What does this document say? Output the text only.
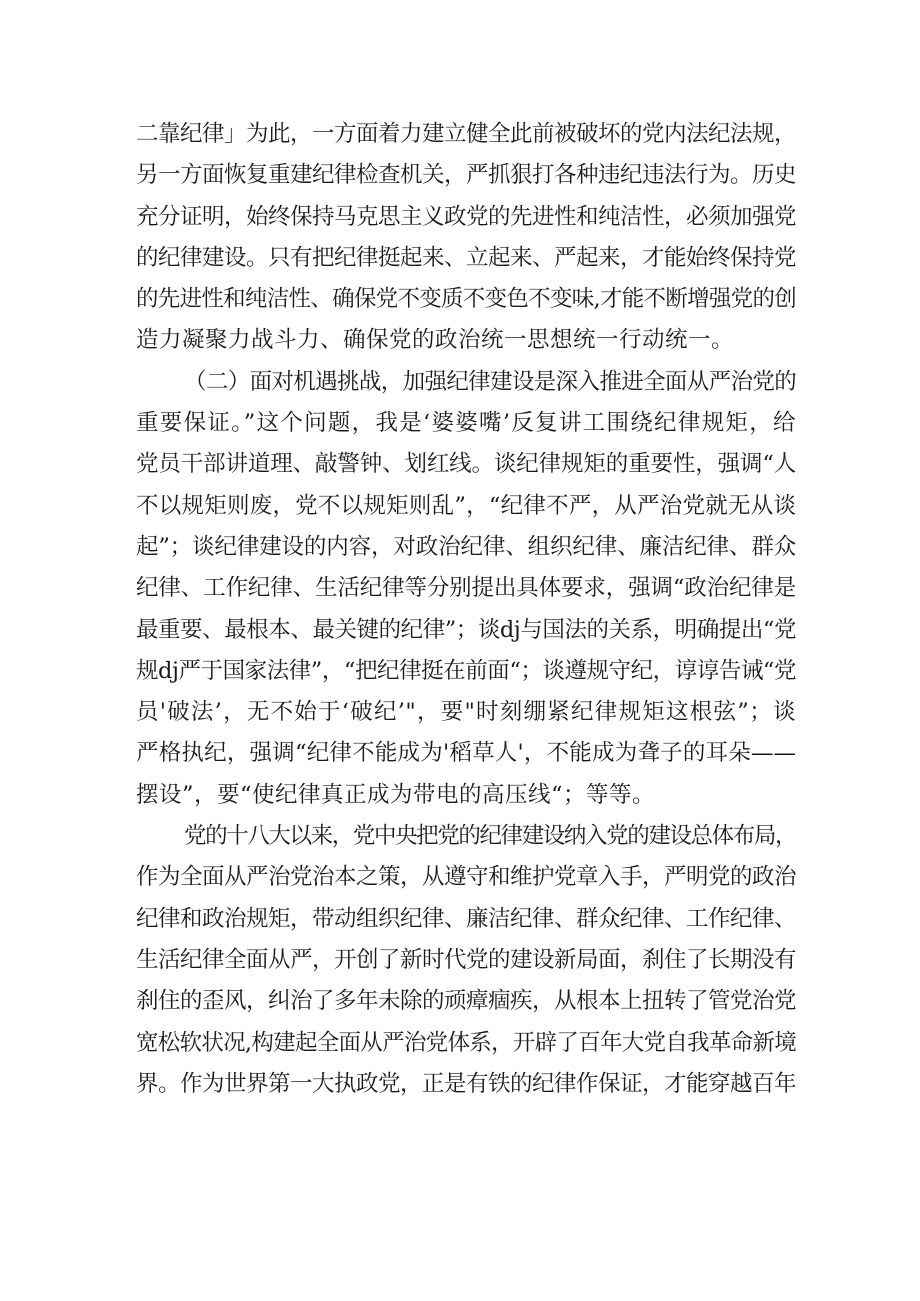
二靠纪律」为此，一方面着力建立健全此前被破坏的党内法纪法规，
另一方面恢复重建纪律检查机关，严抓狠打各种违纪违法行为。历史
充分证明，始终保持马克思主义政党的先进性和纯洁性，必须加强党
的纪律建设。只有把纪律挺起来、立起来、严起来，才能始终保持党
的先进性和纯洁性、确保党不变质不变色不变味,才能不断增强党的创
造力凝聚力战斗力、确保党的政治统一思想统一行动统一。
（二）面对机遇挑战，加强纪律建设是深入推进全面从严治党的
重要保证。”这个问题，我是‘婆婆嘴’反复讲工围绕纪律规矩，给
党员干部讲道理、敲警钟、划红线。谈纪律规矩的重要性，强调“人
不以规矩则废，党不以规矩则乱”，“纪律不严，从严治党就无从谈
起”；谈纪律建设的内容，对政治纪律、组织纪律、廉洁纪律、群众
纪律、工作纪律、生活纪律等分别提出具体要求，强调“政治纪律是
最重要、最根本、最关键的纪律”；谈dj与国法的关系，明确提出“党
规dj严于国家法律”，“把纪律挺在前面“；谈遵规守纪，谆谆告诫“党
员'破法’，无不始于‘破纪’"，要"时刻绷紧纪律规矩这根弦”；谈
严格执纪，强调“纪律不能成为'稻草人'，不能成为聋子的耳朵——
摆设”，要“使纪律真正成为带电的高压线“；等等。
党的十八大以来，党中央把党的纪律建设纳入党的建设总体布局，
作为全面从严治党治本之策，从遵守和维护党章入手，严明党的政治
纪律和政治规矩，带动组织纪律、廉洁纪律、群众纪律、工作纪律、
生活纪律全面从严，开创了新时代党的建设新局面，刹住了长期没有
刹住的歪风，纠治了多年未除的顽瘴痼疾，从根本上扭转了管党治党
宽松软状况,构建起全面从严治党体系，开辟了百年大党自我革命新境
界。作为世界第一大执政党，正是有铁的纪律作保证，才能穿越百年
